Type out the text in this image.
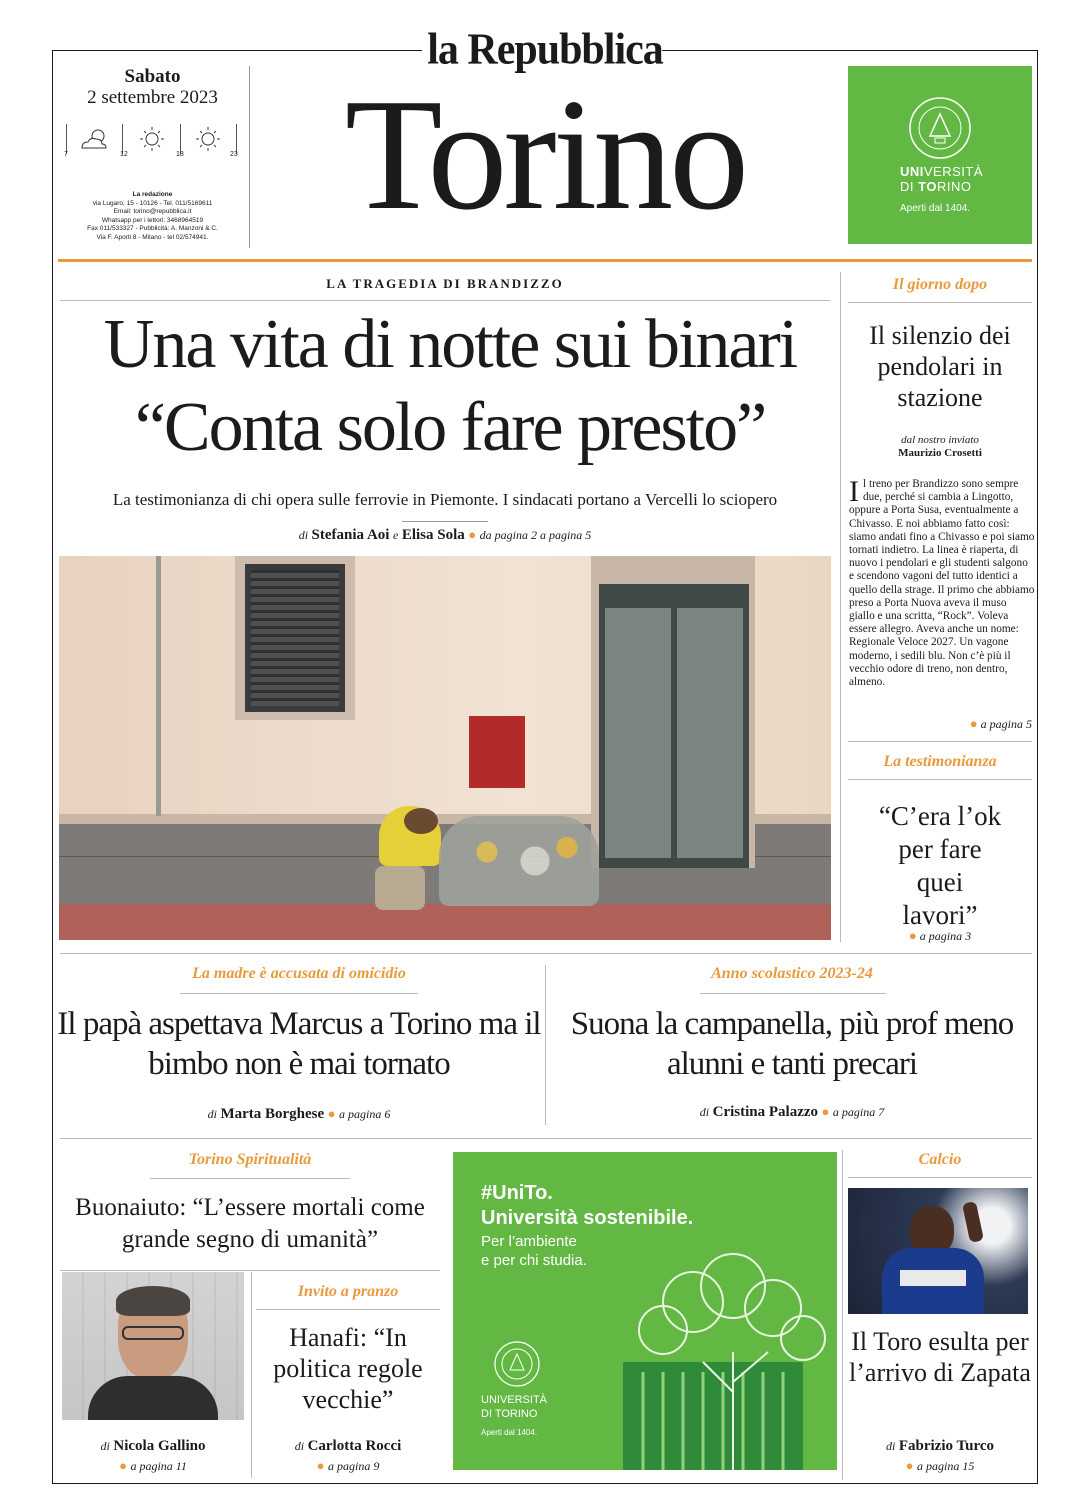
la Repubblica
Torino
Sabato
2 settembre 2023
7	12	18	23
La redazione
via Lugaro, 15 - 10126 - Tel. 011/5169611
Email: torino@repubblica.it
Whatsapp per i lettori: 3468964519
Fax 011/533327 - Pubblicità: A. Manzoni & C.
Via F. Aporti 8 - Milano - tel 02/574941.
UNIVERSITÀ
DI TORINO
Aperti dal 1404.
LA TRAGEDIA DI BRANDIZZO
Una vita di notte sui binari
“Conta solo fare presto”
La testimonianza di chi opera sulle ferrovie in Piemonte. I sindacati portano a Vercelli lo sciopero
di Stefania Aoi e Elisa Sola ● da pagina 2 a pagina 5
Il giorno dopo
Il silenzio dei pendolari in stazione
dal nostro inviato
Maurizio Crosetti
Il treno per Brandizzo sono sempre due, perché si cambia a Lingotto, oppure a Porta Susa, eventualmente a Chivasso. E noi abbiamo fatto così: siamo andati fino a Chivasso e poi siamo tornati indietro. La linea è riaperta, di nuovo i pendolari e gli studenti salgono e scendono vagoni del tutto identici a quello della strage. Il primo che abbiamo preso a Porta Nuova aveva il muso giallo e una scritta, “Rock”. Voleva essere allegro. Aveva anche un nome: Regionale Veloce 2027. Un vagone moderno, i sedili blu. Non c’è più il vecchio odore di treno, non dentro, almeno.
● a pagina 5
La testimonianza
“C’era l’ok per fare quei lavori”
● a pagina 3
La madre è accusata di omicidio
Il papà aspettava Marcus a Torino ma il bimbo non è mai tornato
di Marta Borghese ● a pagina 6
Anno scolastico 2023-24
Suona la campanella, più prof meno alunni e tanti precari
di Cristina Palazzo ● a pagina 7
Torino Spiritualità
Buonaiuto: “L’essere mortali come grande segno di umanità”
di Nicola Gallino
● a pagina 11
Invito a pranzo
Hanafi: “In politica regole vecchie”
di Carlotta Rocci
● a pagina 9
#UniTo.
Università sostenibile.
Per l’ambiente
e per chi studia.
UNIVERSITÀ
DI TORINO
Aperti dal 1404.
Calcio
Il Toro esulta per l’arrivo di Zapata
di Fabrizio Turco
● a pagina 15
